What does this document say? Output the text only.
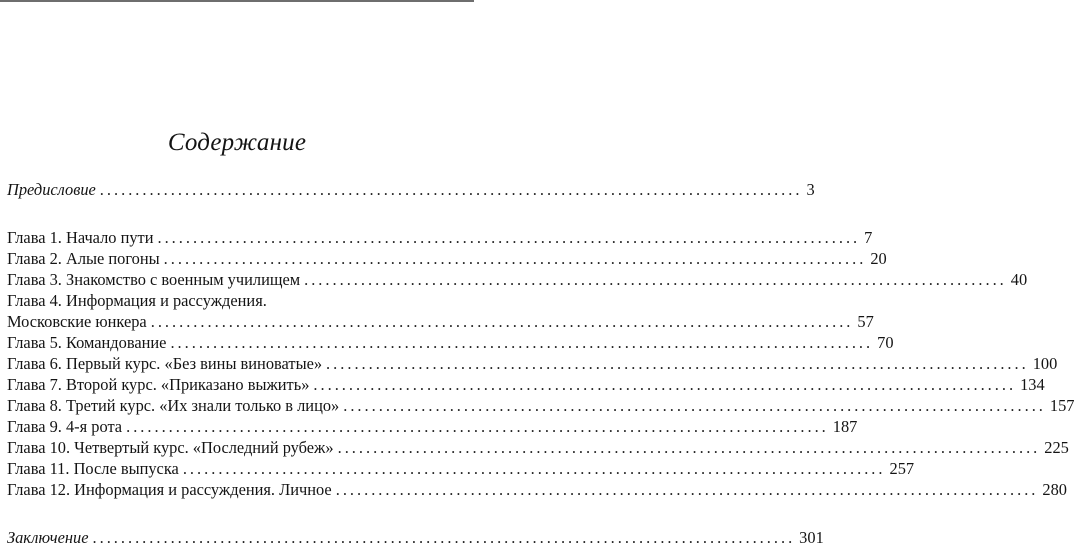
Содержание
Предисловие ................................................................................................... 3
Глава 1. Начало пути ................................................................................................... 7
Глава 2. Алые погоны ................................................................................................... 20
Глава 3. Знакомство с военным училищем ................................................................................................... 40
Глава 4. Информация и рассуждения.
Московские юнкера ................................................................................................... 57
Глава 5. Командование ................................................................................................... 70
Глава 6. Первый курс. «Без вины виноватые» ................................................................................................... 100
Глава 7. Второй курс. «Приказано выжить» ................................................................................................... 134
Глава 8. Третий курс. «Их знали только в лицо» ................................................................................................... 157
Глава 9. 4-я рота ................................................................................................... 187
Глава 10. Четвертый курс. «Последний рубеж» ................................................................................................... 225
Глава 11. После выпуска ................................................................................................... 257
Глава 12. Информация и рассуждения. Личное ................................................................................................... 280
Заключение ................................................................................................... 301
